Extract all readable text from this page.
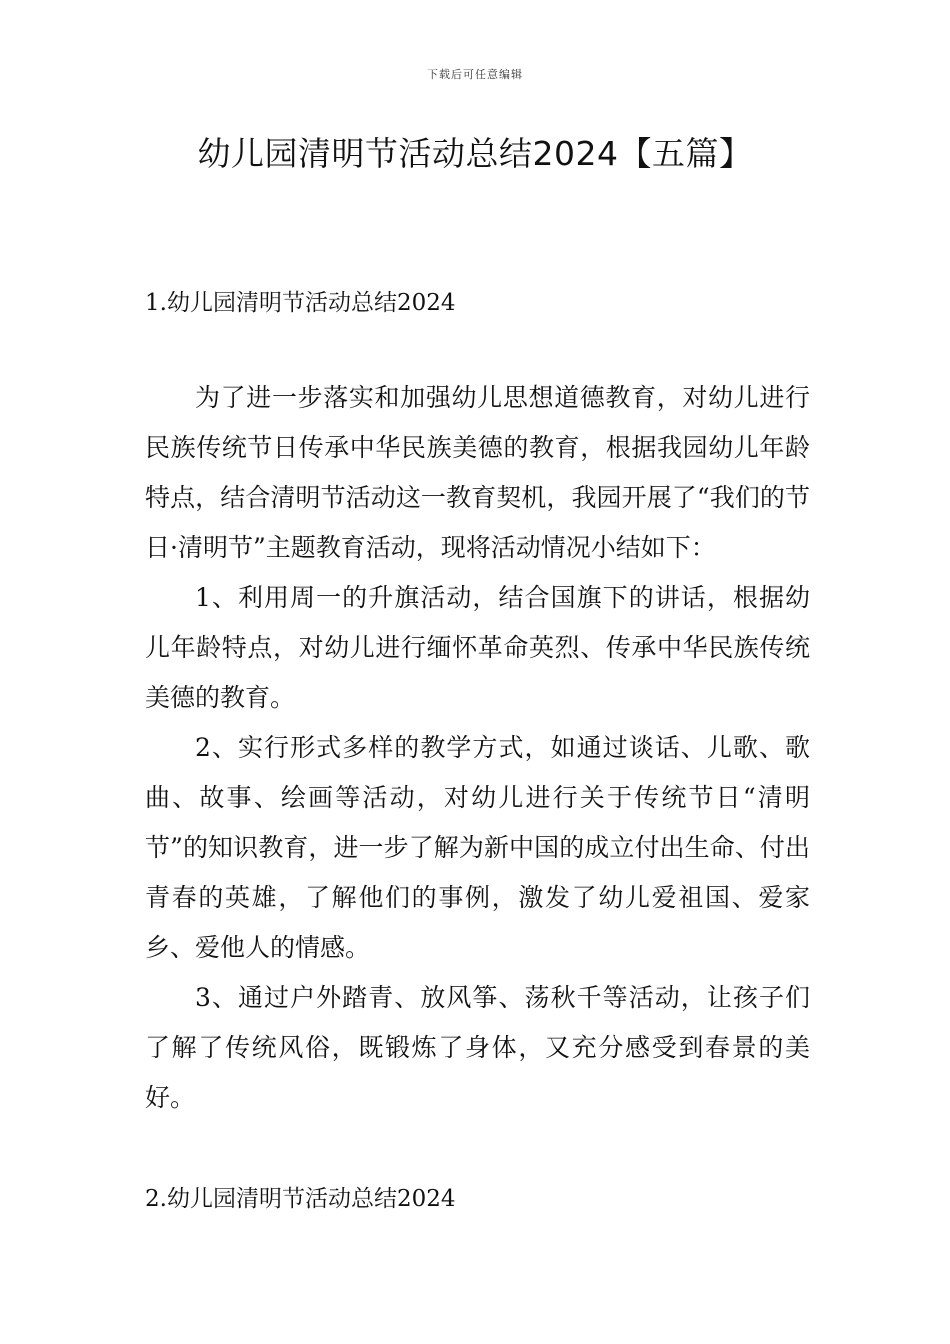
下载后可任意编辑
幼儿园清明节活动总结2024【五篇】
1.幼儿园清明节活动总结2024

为了进一步落实和加强幼儿思想道德教育，对幼儿进行民族传统节日传承中华民族美德的教育，根据我园幼儿年龄特点，结合清明节活动这一教育契机，我园开展了“我们的节日·清明节”主题教育活动，现将活动情况小结如下：

1、利用周一的升旗活动，结合国旗下的讲话，根据幼儿年龄特点，对幼儿进行缅怀革命英烈、传承中华民族传统美德的教育。

2、实行形式多样的教学方式，如通过谈话、儿歌、歌曲、故事、绘画等活动，对幼儿进行关于传统节日“清明节”的知识教育，进一步了解为新中国的成立付出生命、付出青春的英雄，了解他们的事例，激发了幼儿爱祖国、爱家乡、爱他人的情感。

3、通过户外踏青、放风筝、荡秋千等活动，让孩子们了解了传统风俗，既锻炼了身体，又充分感受到春景的美好。

2.幼儿园清明节活动总结2024
